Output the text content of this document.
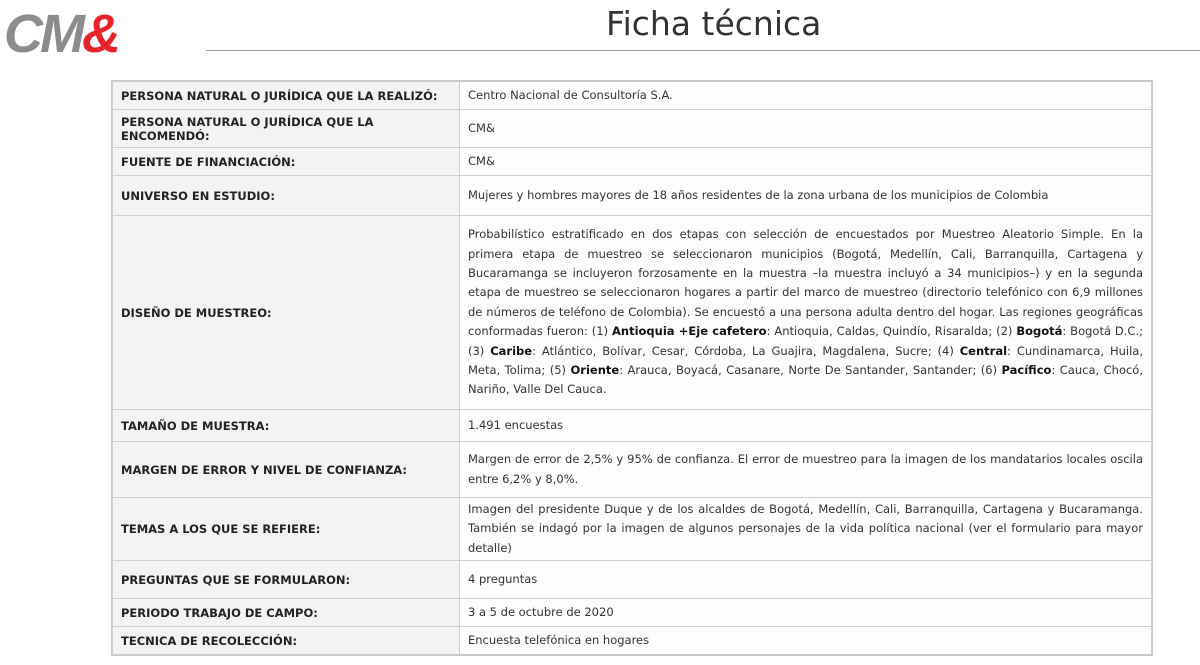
CM&	Ficha técnica
PERSONA NATURAL O JURÍDICA QUE LA REALIZÓ:	Centro Nacional de Consultoría S.A.
PERSONA NATURAL O JURÍDICA QUE LA ENCOMENDÓ:	CM&
FUENTE DE FINANCIACIÓN:	CM&
UNIVERSO EN ESTUDIO:	Mujeres y hombres mayores de 18 años residentes de la zona urbana de los municipios de Colombia
DISEÑO DE MUESTREO:	Probabilístico estratificado en dos etapas con selección de encuestados por Muestreo Aleatorio Simple. En la primera etapa de muestreo se seleccionaron municipios (Bogotá, Medellín, Cali, Barranquilla, Cartagena y Bucaramanga se incluyeron forzosamente en la muestra –la muestra incluyó a 34 municipios–) y en la segunda etapa de muestreo se seleccionaron hogares a partir del marco de muestreo (directorio telefónico con 6,9 millones de números de teléfono de Colombia). Se encuestó a una persona adulta dentro del hogar. Las regiones geográficas conformadas fueron: (1) Antioquia +Eje cafetero: Antioquia, Caldas, Quindío, Risaralda; (2) Bogotá: Bogotá D.C.; (3) Caribe: Atlántico, Bolívar, Cesar, Córdoba, La Guajira, Magdalena, Sucre; (4) Central: Cundinamarca, Huila, Meta, Tolima; (5) Oriente: Arauca, Boyacá, Casanare, Norte De Santander, Santander; (6) Pacífico: Cauca, Chocó, Nariño, Valle Del Cauca.
TAMAÑO DE MUESTRA:	1.491 encuestas
MARGEN DE ERROR Y NIVEL DE CONFIANZA:	Margen de error de 2,5% y 95% de confianza. El error de muestreo para la imagen de los mandatarios locales oscila entre 6,2% y 8,0%.
TEMAS A LOS QUE SE REFIERE:	Imagen del presidente Duque y de los alcaldes de Bogotá, Medellín, Cali, Barranquilla, Cartagena y Bucaramanga. También se indagó por la imagen de algunos personajes de la vida política nacional (ver el formulario para mayor detalle)
PREGUNTAS QUE SE FORMULARON:	4 preguntas
PERIODO TRABAJO DE CAMPO:	3 a 5 de octubre de 2020
TECNICA DE RECOLECCIÓN:	Encuesta telefónica en hogares
